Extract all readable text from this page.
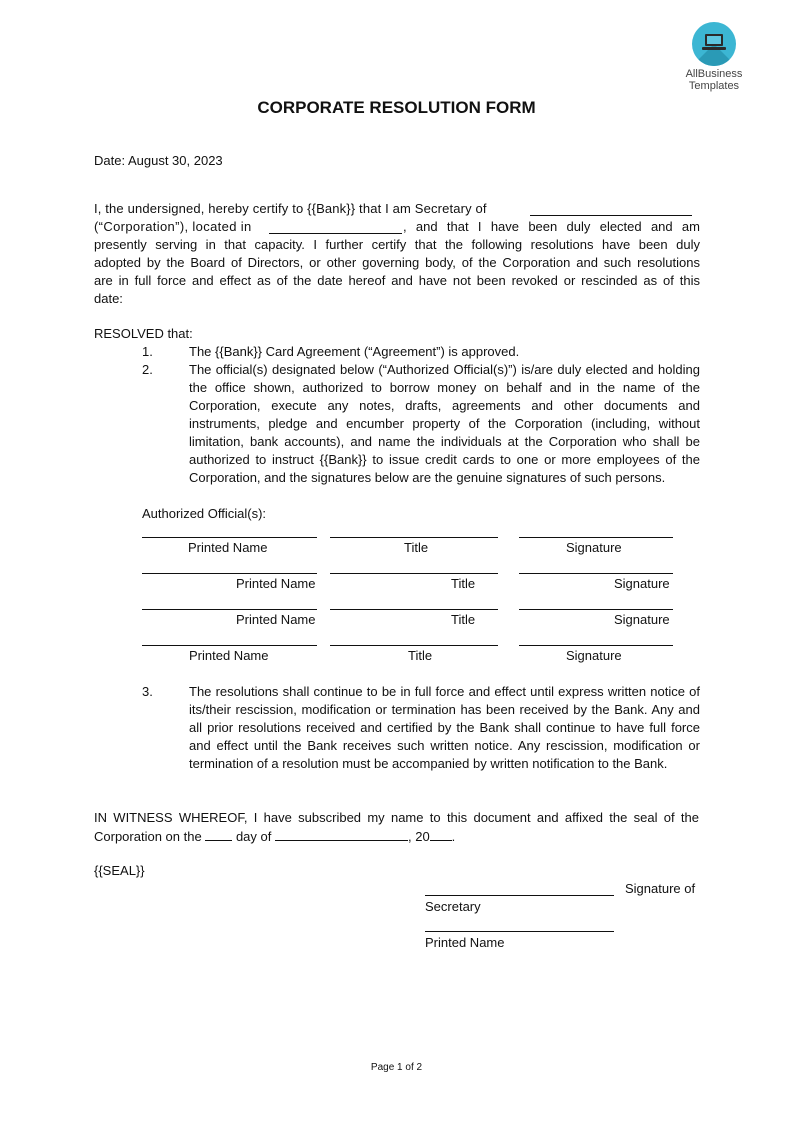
AllBusiness
Templates
CORPORATE RESOLUTION FORM
Date: August 30, 2023
I, the undersigned, hereby certify to {{Bank}} that I am Secretary of
(“Corporation”), located in	, and that I have been duly elected and am
presently serving in that capacity. I further certify that the following resolutions have been duly
adopted by the Board of Directors, or other governing body, of the Corporation and such resolutions
are in full force and effect as of the date hereof and have not been revoked or rescinded as of this
date:
RESOLVED that:
1.	The {{Bank}} Card Agreement (“Agreement”) is approved.
2.	The official(s) designated below (“Authorized Official(s)”) is/are duly elected and holding the office shown, authorized to borrow money on behalf and in the name of the Corporation, execute any notes, drafts, agreements and other documents and instruments, pledge and encumber property of the Corporation (including, without limitation, bank accounts), and name the individuals at the Corporation who shall be authorized to instruct {{Bank}} to issue credit cards to one or more employees of the Corporation, and the signatures below are the genuine signatures of such persons.
Authorized Official(s):
Printed Name	Title	Signature
Printed Name	Title	Signature
Printed Name	Title	Signature
Printed Name	Title	Signature
3.	The resolutions shall continue to be in full force and effect until express written notice of its/their rescission, modification or termination has been received by the Bank. Any and all prior resolutions received and certified by the Bank shall continue to have full force and effect until the Bank receives such written notice. Any rescission, modification or termination of a resolution must be accompanied by written notification to the Bank.
IN WITNESS WHEREOF, I have subscribed my name to this document and affixed the seal of the
Corporation on the	day of	, 20 .
{{SEAL}}
Signature of
Secretary
Printed Name
Page 1 of 2
